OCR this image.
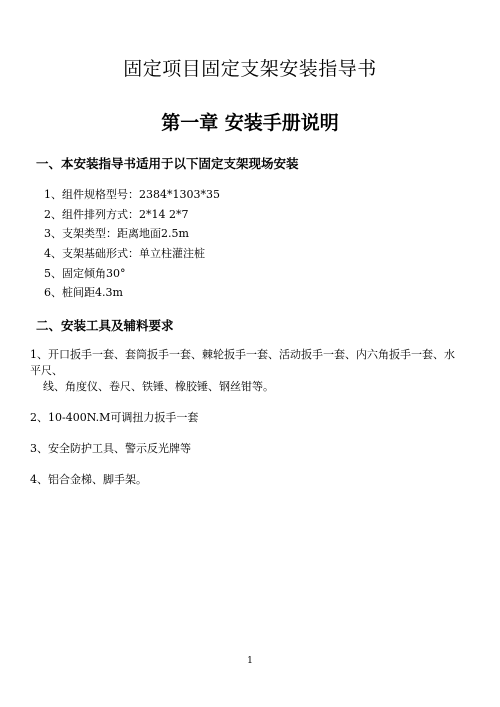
固定项目固定支架安装指导书
第一章 安装手册说明
一、本安装指导书适用于以下固定支架现场安装
1、组件规格型号：2384*1303*35
2、组件排列方式：2*14 2*7
3、支架类型：距离地面2.5m
4、支架基础形式：单立柱灌注桩
5、固定倾角30°
6、桩间距4.3m
二、安装工具及辅料要求
1、开口扳手一套、套筒扳手一套、棘轮扳手一套、活动扳手一套、内六角扳手一套、水平尺、
线、角度仪、卷尺、铁锤、橡胶锤、钢丝钳等。
2、10-400N.M可调扭力扳手一套
3、安全防护工具、警示反光牌等
4、铝合金梯、脚手架。
1
